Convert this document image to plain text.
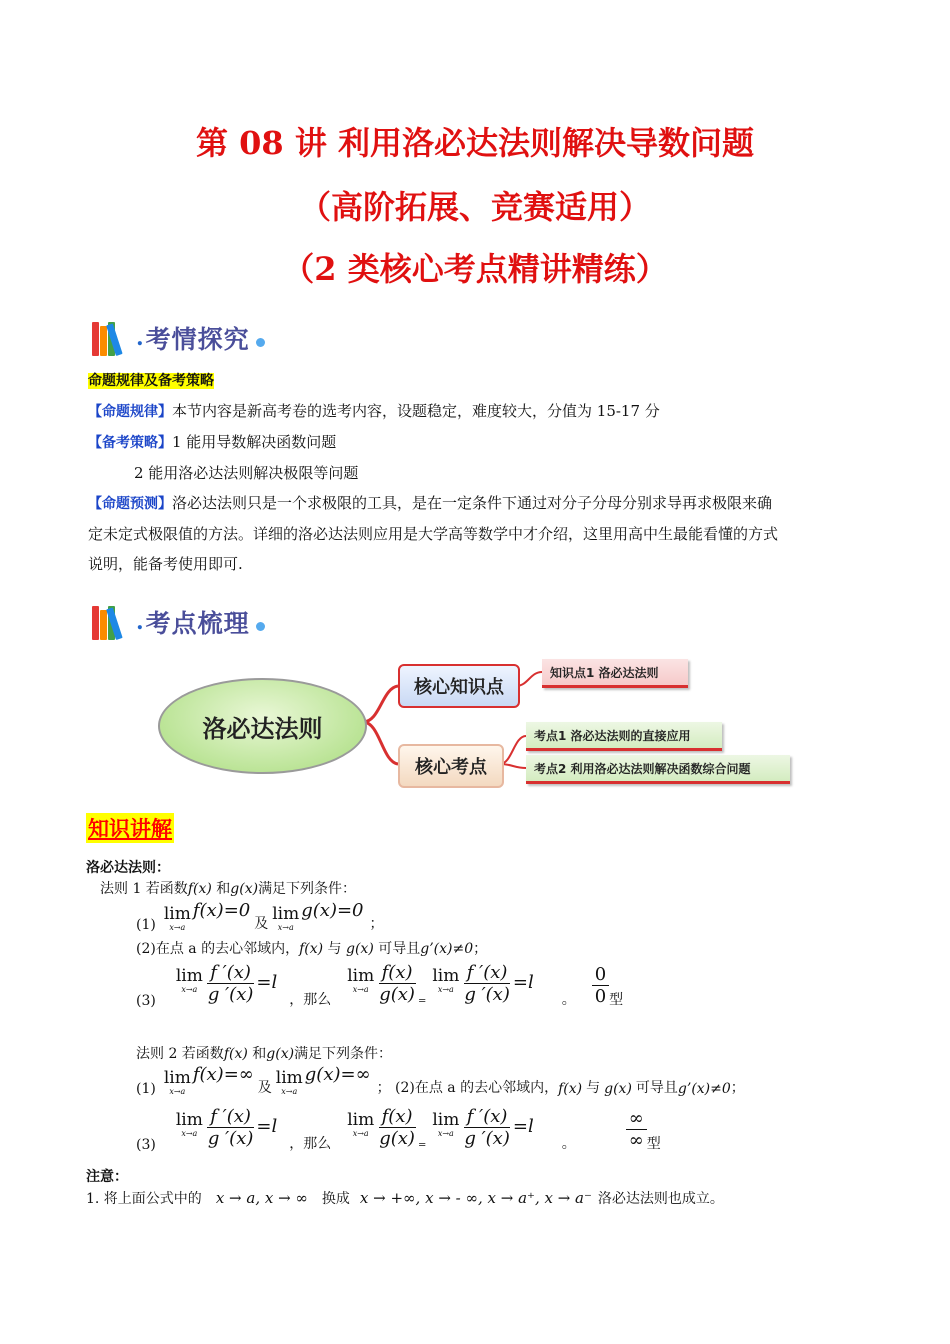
第 08 讲 利用洛必达法则解决导数问题
（高阶拓展、竞赛适用）
（2 类核心考点精讲精练）
. 考情探究
命题规律及备考策略
【命题规律】本节内容是新高考卷的选考内容，设题稳定，难度较大，分值为 15-17 分
【备考策略】1 能用导数解决函数问题
2 能用洛必达法则解决极限等问题
【命题预测】洛必达法则只是一个求极限的工具，是在一定条件下通过对分子分母分别求导再求极限来确
定未定式极限值的方法。详细的洛必达法则应用是大学高等数学中才介绍，这里用高中生最能看懂的方式
说明，能备考使用即可.
. 考点梳理
洛必达法则
核心知识点
核心考点
知识点1 洛必达法则
考点1 洛必达法则的直接应用
考点2 利用洛必达法则解决函数综合问题
知识讲解
洛必达法则：
法则 1 若函数f(x) 和g(x)满足下列条件：
(1)
lim
x→a
f(x)=0
及 lim
x→a
g(x)=0
；
(2)在点 a 的去心邻域内，f(x) 与 g(x) 可导且g’(x)≠0；
(3)
lim
$x\to a \frac{f '(x)}{g '(x)} =l$
，那么
lim
$x\to a \frac{f(x)}{g(x)}$ =
lim
$x\to a \frac{f '(x)}{g '(x)} =l$
。 $\frac{0}{0}$ 型
法则 2 若函数f(x) 和g(x)满足下列条件：
(1)
lim
x→a
f(x)=∞
及 lim
x→a
g(x)=∞
； (2)在点 a 的去心邻域内， f(x) 与 g(x) 可导且 g’(x)≠0 ；
(3)
lim
$x\to a \frac{f '(x)}{g '(x)} =l$
，那么
lim
$x\to a \frac{f(x)}{g(x)}$ =
lim
$x\to a \frac{f '(x)}{g '(x)} =l$
。	$\frac{\infty}{\infty}$ 型
注意：
1. 将上面公式中的 x → a, x → ∞ 换成 x → +∞, x → - ∞, x → a⁺, x → a⁻ 洛必达法则也成立。
